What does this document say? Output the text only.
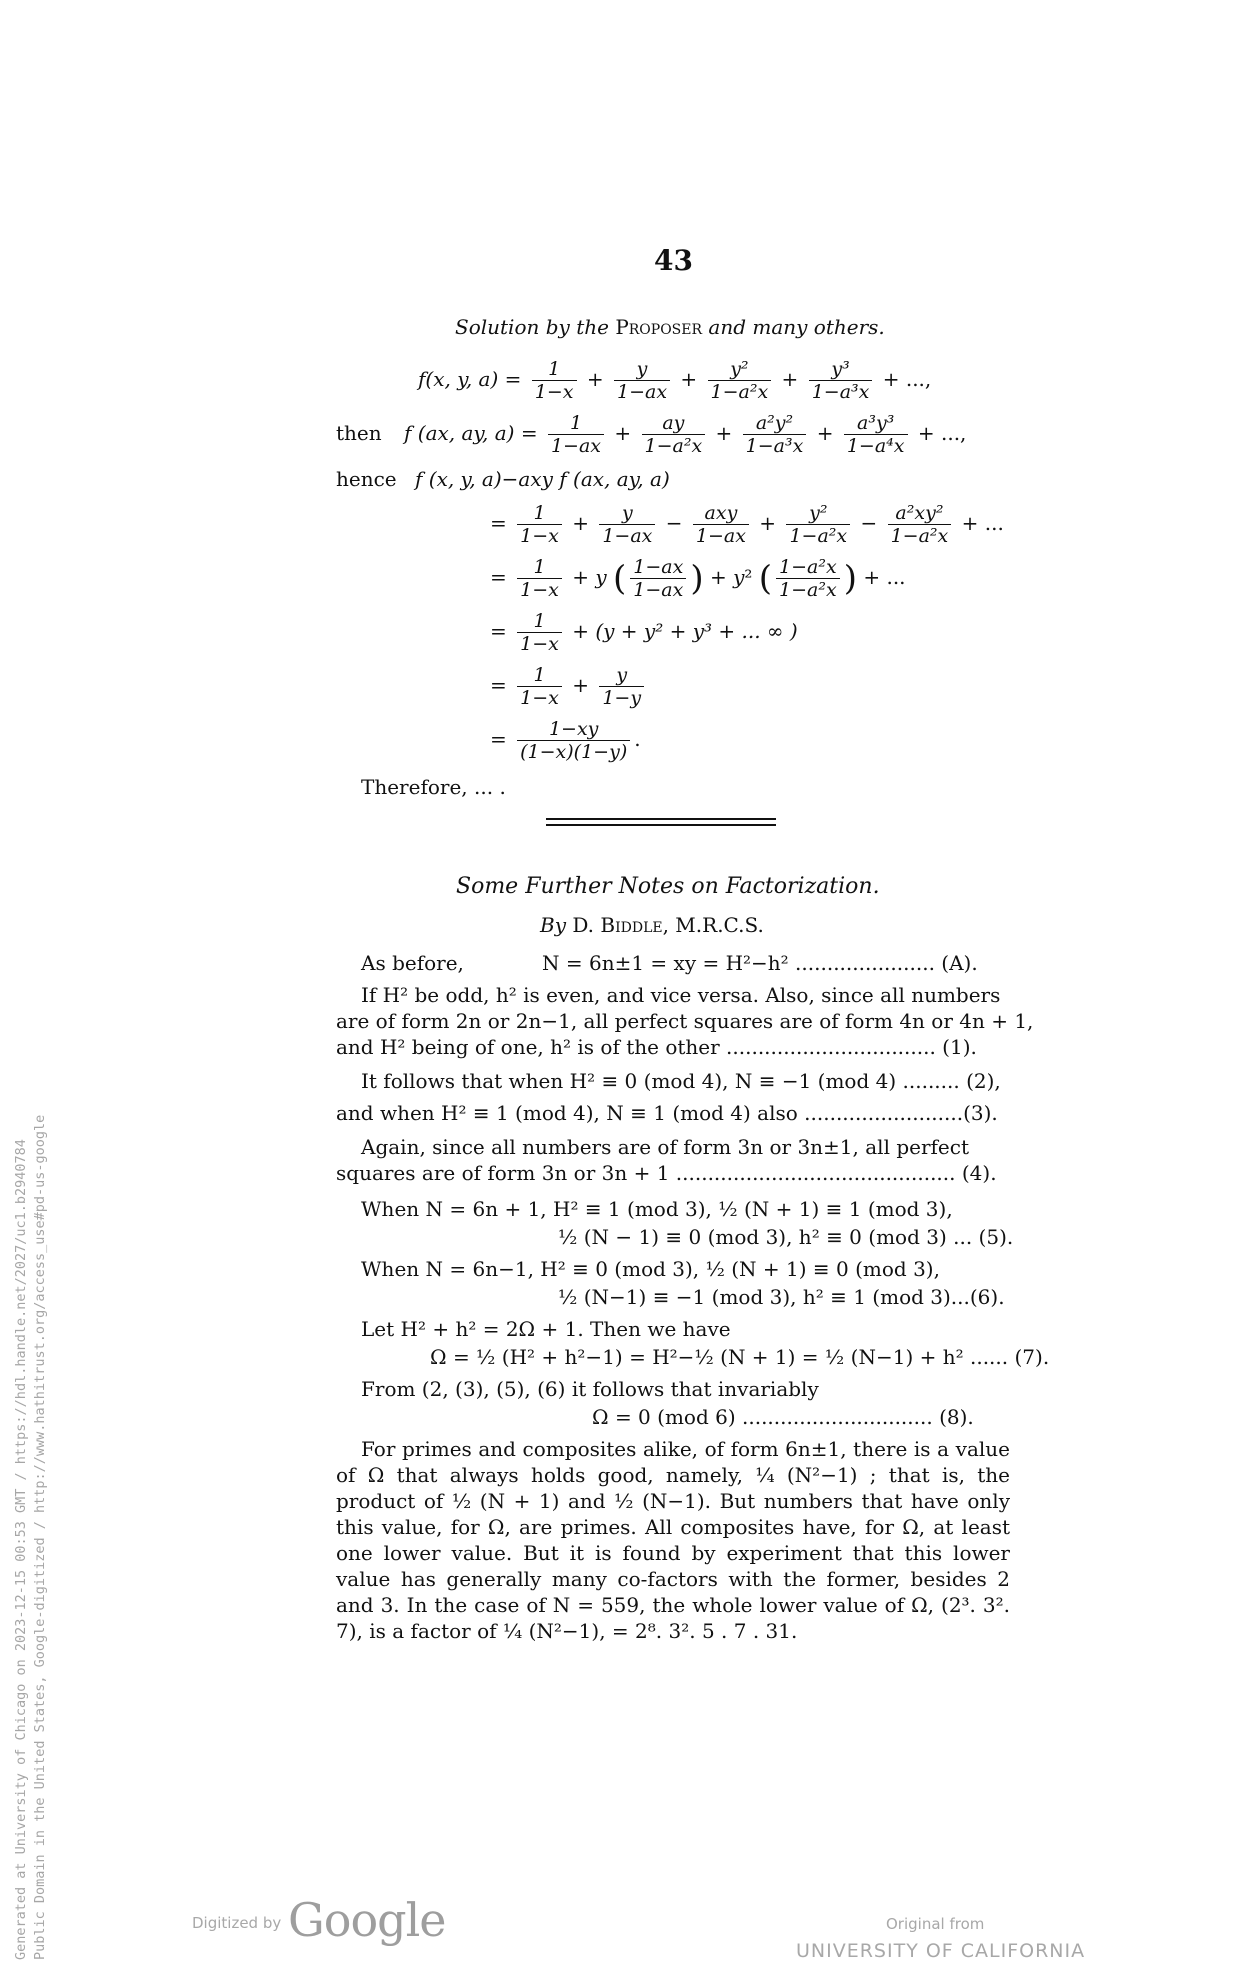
43
Solution by the Proposer and many others.
f(x, y, $a) = \frac{1}{1-x} + \frac{y}{1-ax} + \frac{\text{y²}}{\text{1−a²x}} + \frac{\text{y³}}{\text{1−a³x}}$ + ...,
then f (ax, ay, $a) = \frac{1}{1-ax} + \frac{ay}{\text{1−a²x}} + \frac{\text{a²y²}}{\text{1−a³x}} + \frac{\text{a³y³}}{\text{1−a⁴x}}$ + ...,
hence f (x, y, a)−axy f (ax, ay, a)
= $\frac{1}{1-x} + \frac{y}{1-ax} - \frac{\text{axy}}{1-ax} + \frac{\text{y²}}{\text{1−a²x}} - \frac{\text{a²xy²}}{\text{1−a²x}}$ + ...
= $\frac{1}{1-x} + y$ ( $\frac{1-ax}{1-ax}$ ) + y² ( $\frac{\text{1−a²x}}{\text{1−a²x}}$ ) + ...
= $\frac{1}{1-x} + (y + y^2 + y^3$ + ... ∞ )
= $\frac{1}{1-x} + \frac{y}{1-y}$
= $\frac{1-xy}{(1-x)(1-y)}$ .
Therefore, ... .
Some Further Notes on Factorization.
By D. Biddle, M.R.C.S.
As before,	N = 6n±1 = xy = H²−h² ...................... (A).
If H² be odd, h² is even, and vice versa. Also, since all numbers
are of form 2n or 2n−1, all perfect squares are of form 4n or 4n + 1,
and H² being of one, h² is of the other ................................. (1).
It follows that when H² ≡ 0 (mod 4), N ≡ −1 (mod 4) ......... (2),
and when H² ≡ 1 (mod 4), N ≡ 1 (mod 4) also .........................(3).
Again, since all numbers are of form 3n or 3n±1, all perfect
squares are of form 3n or 3n + 1 ............................................ (4).
When N = 6n + 1, H² ≡ 1 (mod 3), ½ (N + 1) ≡ 1 (mod 3),
½ (N − 1) ≡ 0 (mod 3), h² ≡ 0 (mod 3) ... (5).
When N = 6n−1, H² ≡ 0 (mod 3), ½ (N + 1) ≡ 0 (mod 3),
½ (N−1) ≡ −1 (mod 3), h² ≡ 1 (mod 3)...(6).
Let H² + h² = 2Ω + 1. Then we have
Ω = ½ (H² + h²−1) = H²−½ (N + 1) = ½ (N−1) + h² ...... (7).
From (2, (3), (5), (6) it follows that invariably
Ω = 0 (mod 6) .............................. (8).
For primes and composites alike, of form 6n±1, there is a value of Ω that always holds good, namely, ¼ (N²−1) ; that is, the product of ½ (N + 1) and ½ (N−1). But numbers that have only this value, for Ω, are primes. All composites have, for Ω, at least one lower value. But it is found by experiment that this lower value has generally many co-factors with the former, besides 2 and 3. In the case of N = 559, the whole lower value of Ω, (2³. 3². 7), is a factor of ¼ (N²−1), = 2⁸. 3². 5 . 7 . 31.
Generated at University of Chicago on 2023-12-15 00:53 GMT / https://hdl.handle.net/2027/uc1.b2940784 Public Domain in the United States, Google-digitized / http://www.hathitrust.org/access_use#pd-us-google	Digitized by Google	Original from
UNIVERSITY OF CALIFORNIA
